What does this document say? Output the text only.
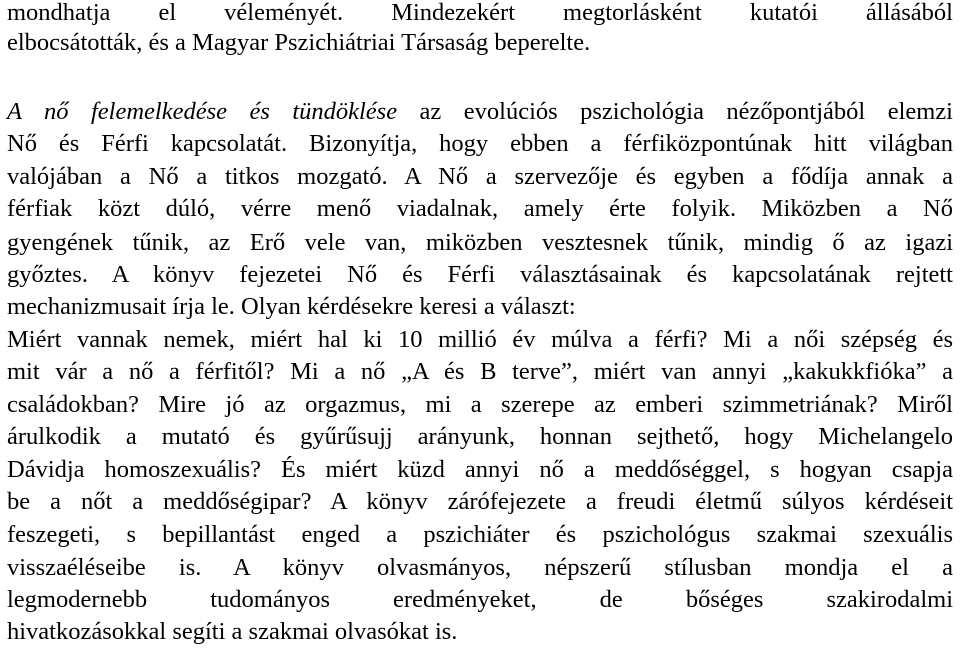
mondhatja el véleményét. Mindezekért megtorlásként kutatói állásából
elbocsátották, és a Magyar Pszichiátriai Társaság beperelte.
A nő felemelkedése és tündöklése az evolúciós pszichológia nézőpontjából elemzi
Nő és Férfi kapcsolatát. Bizonyítja, hogy ebben a férfiközpontúnak hitt világban
valójában a Nő a titkos mozgató. A Nő a szervezője és egyben a fődíja annak a
férfiak közt dúló, vérre menő viadalnak, amely érte folyik. Miközben a Nő
gyengének tűnik, az Erő vele van, miközben vesztesnek tűnik, mindig ő az igazi
győztes. A könyv fejezetei Nő és Férfi választásainak és kapcsolatának rejtett
mechanizmusait írja le. Olyan kérdésekre keresi a választ:
Miért vannak nemek, miért hal ki 10 millió év múlva a férfi? Mi a női szépség és
mit vár a nő a férfitől? Mi a nő „A és B terve”, miért van annyi „kakukkfióka” a
családokban? Mire jó az orgazmus, mi a szerepe az emberi szimmetriának? Miről
árulkodik a mutató és gyűrűsujj arányunk, honnan sejthető, hogy Michelangelo
Dávidja homoszexuális? És miért küzd annyi nő a meddőséggel, s hogyan csapja
be a nőt a meddőségipar? A könyv zárófejezete a freudi életmű súlyos kérdéseit
feszegeti, s bepillantást enged a pszichiáter és pszichológus szakmai szexuális
visszaéléseibe is. A könyv olvasmányos, népszerű stílusban mondja el a
legmodernebb tudományos eredményeket, de bőséges szakirodalmi
hivatkozásokkal segíti a szakmai olvasókat is.
